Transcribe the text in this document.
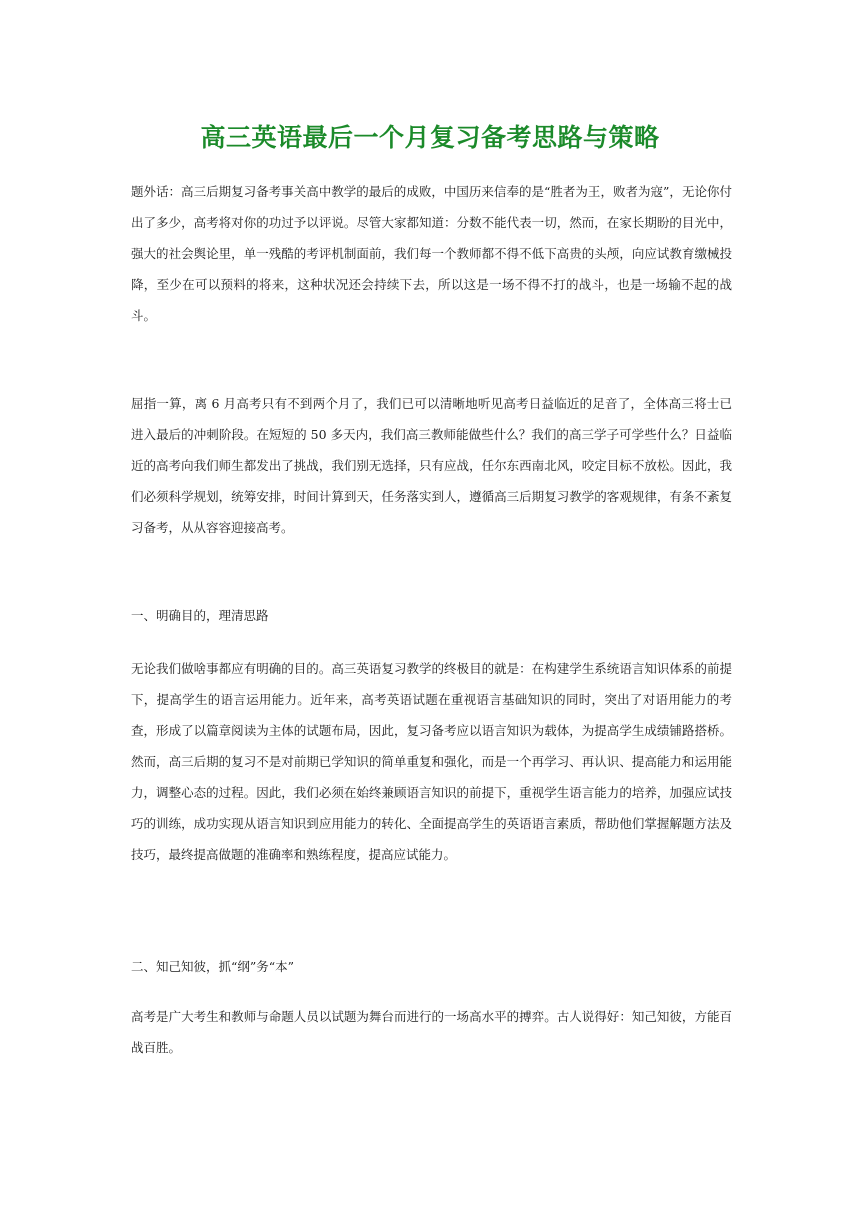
高三英语最后一个月复习备考思路与策略

题外话：高三后期复习备考事关高中教学的最后的成败，中国历来信奉的是“胜者为王，败者为寇”，无论你付出了多少，高考将对你的功过予以评说。尽管大家都知道：分数不能代表一切，然而，在家长期盼的目光中，强大的社会舆论里，单一残酷的考评机制面前，我们每一个教师都不得不低下高贵的头颅，向应试教育缴械投降，至少在可以预料的将来，这种状况还会持续下去，所以这是一场不得不打的战斗，也是一场输不起的战斗。

屈指一算，离 6 月高考只有不到两个月了，我们已可以清晰地听见高考日益临近的足音了，全体高三将士已进入最后的冲刺阶段。在短短的 50 多天内，我们高三教师能做些什么？我们的高三学子可学些什么？日益临近的高考向我们师生都发出了挑战，我们别无选择，只有应战，任尔东西南北风，咬定目标不放松。因此，我们必须科学规划，统筹安排，时间计算到天，任务落实到人，遵循高三后期复习教学的客观规律，有条不紊复习备考，从从容容迎接高考。

一、明确目的，理清思路

无论我们做啥事都应有明确的目的。高三英语复习教学的终极目的就是：在构建学生系统语言知识体系的前提下，提高学生的语言运用能力。近年来，高考英语试题在重视语言基础知识的同时，突出了对语用能力的考查，形成了以篇章阅读为主体的试题布局，因此，复习备考应以语言知识为载体，为提高学生成绩铺路搭桥。然而，高三后期的复习不是对前期已学知识的简单重复和强化，而是一个再学习、再认识、提高能力和运用能力，调整心态的过程。因此，我们必须在始终兼顾语言知识的前提下，重视学生语言能力的培养，加强应试技巧的训练，成功实现从语言知识到应用能力的转化、全面提高学生的英语语言素质，帮助他们掌握解题方法及技巧，最终提高做题的准确率和熟练程度，提高应试能力。

二、知己知彼，抓“纲”务“本”

高考是广大考生和教师与命题人员以试题为舞台而进行的一场高水平的搏弈。古人说得好：知己知彼，方能百战百胜。
